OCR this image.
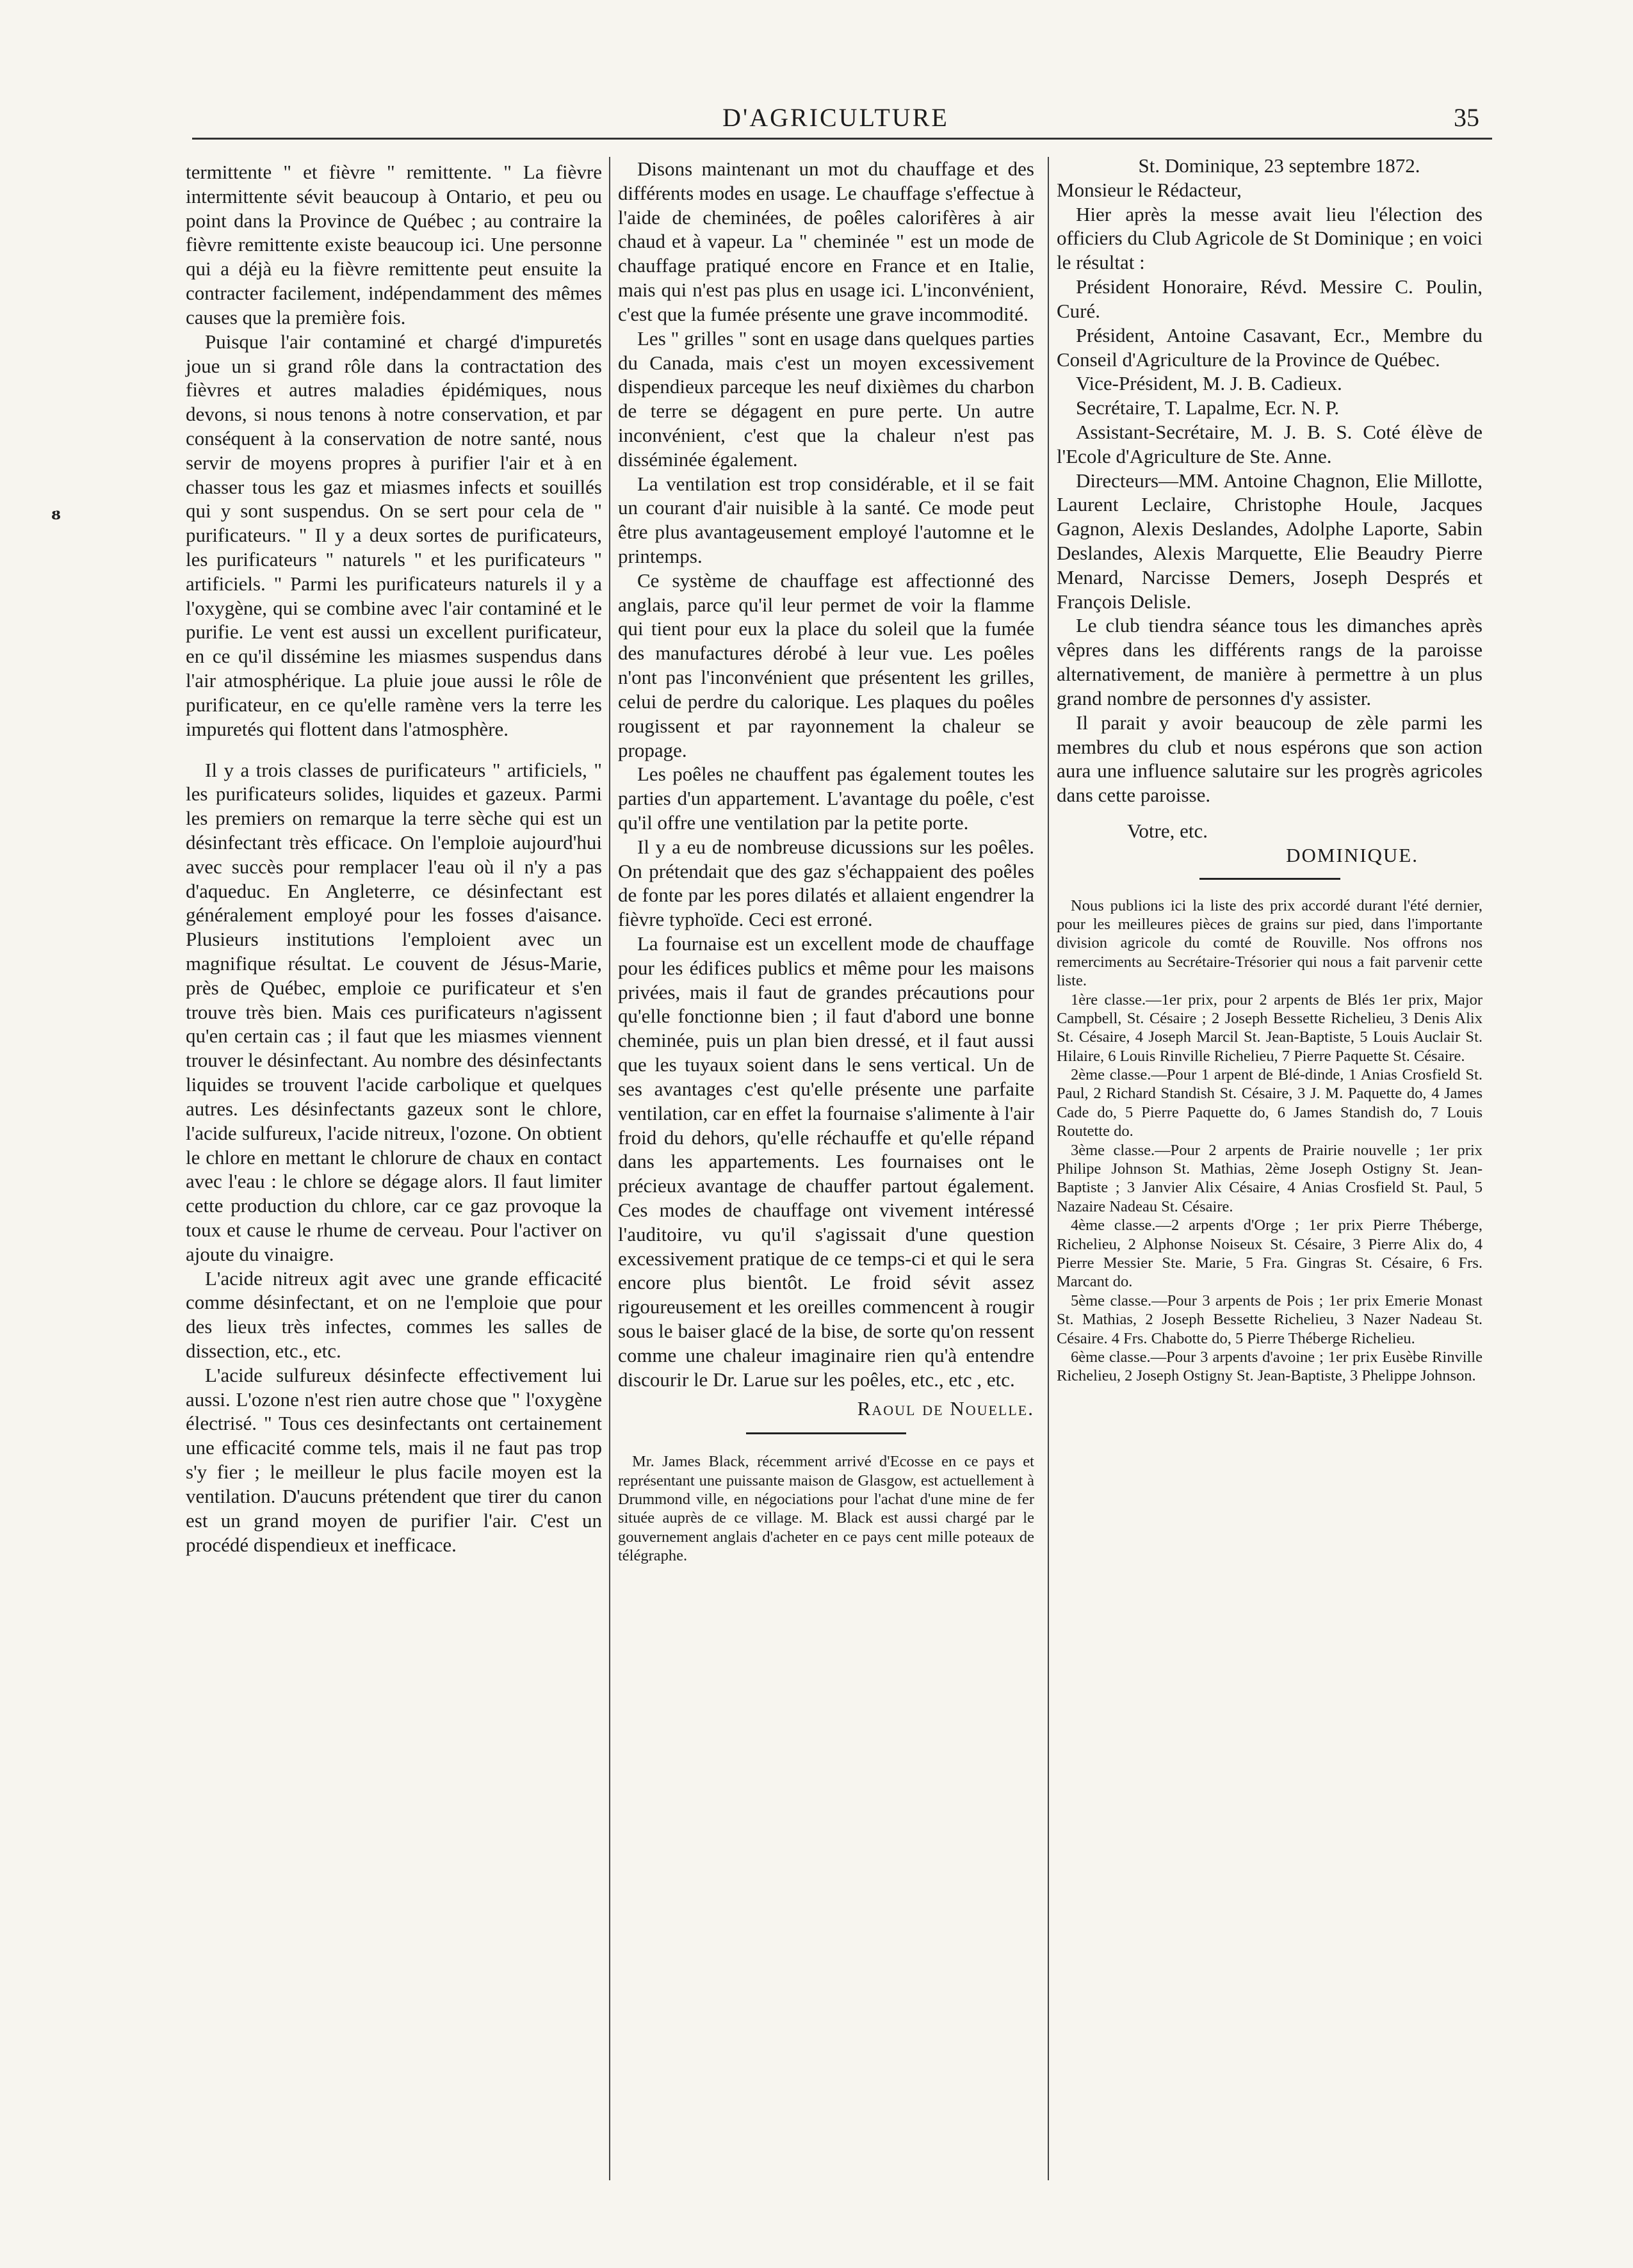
D'AGRICULTURE	35
ᴕ

termittente " et fièvre " remittente. " La fièvre intermittente sévit beaucoup à Ontario, et peu ou point dans la Province de Québec ; au contraire la fièvre remittente existe beaucoup ici. Une personne qui a déjà eu la fièvre remittente peut ensuite la contracter facilement, indépendamment des mêmes causes que la première fois.

Puisque l'air contaminé et chargé d'impuretés joue un si grand rôle dans la contractation des fièvres et autres maladies épidémiques, nous devons, si nous tenons à notre conservation, et par conséquent à la conservation de notre santé, nous servir de moyens propres à purifier l'air et à en chasser tous les gaz et miasmes infects et souillés qui y sont suspendus. On se sert pour cela de " purificateurs. " Il y a deux sortes de purificateurs, les purificateurs " naturels " et les purificateurs " artificiels. " Parmi les purificateurs naturels il y a l'oxygène, qui se combine avec l'air contaminé et le purifie. Le vent est aussi un excellent purificateur, en ce qu'il dissémine les miasmes suspendus dans l'air atmosphérique. La pluie joue aussi le rôle de purificateur, en ce qu'elle ramène vers la terre les impuretés qui flottent dans l'atmosphère.

Il y a trois classes de purificateurs " artificiels, " les purificateurs solides, liquides et gazeux. Parmi les premiers on remarque la terre sèche qui est un désinfectant très efficace. On l'emploie aujourd'hui avec succès pour remplacer l'eau où il n'y a pas d'aqueduc. En Angleterre, ce désinfectant est généralement employé pour les fosses d'aisance. Plusieurs institutions l'emploient avec un magnifique résultat. Le couvent de Jésus-Marie, près de Québec, emploie ce purificateur et s'en trouve très bien. Mais ces purificateurs n'agissent qu'en certain cas ; il faut que les miasmes viennent trouver le désinfectant. Au nombre des désinfectants liquides se trouvent l'acide carbolique et quelques autres. Les désinfectants gazeux sont le chlore, l'acide sulfureux, l'acide nitreux, l'ozone. On obtient le chlore en mettant le chlorure de chaux en contact avec l'eau : le chlore se dégage alors. Il faut limiter cette production du chlore, car ce gaz provoque la toux et cause le rhume de cerveau. Pour l'activer on ajoute du vinaigre.

L'acide nitreux agit avec une grande efficacité comme désinfectant, et on ne l'emploie que pour des lieux très infectes, commes les salles de dissection, etc., etc.

L'acide sulfureux désinfecte effectivement lui aussi. L'ozone n'est rien autre chose que " l'oxygène électrisé. " Tous ces desinfectants ont certainement une efficacité comme tels, mais il ne faut pas trop s'y fier ; le meilleur le plus facile moyen est la ventilation. D'aucuns prétendent que tirer du canon est un grand moyen de purifier l'air. C'est un procédé dispendieux et inefficace.

Disons maintenant un mot du chauffage et des différents modes en usage. Le chauffage s'effectue à l'aide de cheminées, de poêles calorifères à air chaud et à vapeur. La " cheminée " est un mode de chauffage pratiqué encore en France et en Italie, mais qui n'est pas plus en usage ici. L'inconvénient, c'est que la fumée présente une grave incommodité.

Les " grilles " sont en usage dans quelques parties du Canada, mais c'est un moyen excessivement dispendieux parceque les neuf dixièmes du charbon de terre se dégagent en pure perte. Un autre inconvénient, c'est que la chaleur n'est pas disséminée également.

La ventilation est trop considérable, et il se fait un courant d'air nuisible à la santé. Ce mode peut être plus avantageusement employé l'automne et le printemps.

Ce système de chauffage est affectionné des anglais, parce qu'il leur permet de voir la flamme qui tient pour eux la place du soleil que la fumée des manufactures dérobé à leur vue. Les poêles n'ont pas l'inconvénient que présentent les grilles, celui de perdre du calorique. Les plaques du poêles rougissent et par rayonnement la chaleur se propage.

Les poêles ne chauffent pas également toutes les parties d'un appartement. L'avantage du poêle, c'est qu'il offre une ventilation par la petite porte.

Il y a eu de nombreuse dicussions sur les poêles. On prétendait que des gaz s'échappaient des poêles de fonte par les pores dilatés et allaient engendrer la fièvre typhoïde. Ceci est erroné.

La fournaise est un excellent mode de chauffage pour les édifices publics et même pour les maisons privées, mais il faut de grandes précautions pour qu'elle fonctionne bien ; il faut d'abord une bonne cheminée, puis un plan bien dressé, et il faut aussi que les tuyaux soient dans le sens vertical. Un de ses avantages c'est qu'elle présente une parfaite ventilation, car en effet la fournaise s'alimente à l'air froid du dehors, qu'elle réchauffe et qu'elle répand dans les appartements. Les fournaises ont le précieux avantage de chauffer partout également. Ces modes de chauffage ont vivement intéressé l'auditoire, vu qu'il s'agissait d'une question excessivement pratique de ce temps-ci et qui le sera encore plus bientôt. Le froid sévit assez rigoureusement et les oreilles commencent à rougir sous le baiser glacé de la bise, de sorte qu'on ressent comme une chaleur imaginaire rien qu'à entendre discourir le Dr. Larue sur les poêles, etc., etc , etc.

Raoul de Nouelle.

Mr. James Black, récemment arrivé d'Ecosse en ce pays et représentant une puissante maison de Glasgow, est actuellement à Drummond ville, en négociations pour l'achat d'une mine de fer située auprès de ce village. M. Black est aussi chargé par le gouvernement anglais d'acheter en ce pays cent mille poteaux de télégraphe.

St. Dominique, 23 septembre 1872.

Monsieur le Rédacteur,

Hier après la messe avait lieu l'élection des officiers du Club Agricole de St Dominique ; en voici le résultat :

Président Honoraire, Révd. Messire C. Poulin, Curé.

Président, Antoine Casavant, Ecr., Membre du Conseil d'Agriculture de la Province de Québec.

Vice-Président, M. J. B. Cadieux.

Secrétaire, T. Lapalme, Ecr. N. P.

Assistant-Secrétaire, M. J. B. S. Coté élève de l'Ecole d'Agriculture de Ste. Anne.

Directeurs—MM. Antoine Chagnon, Elie Millotte, Laurent Leclaire, Christophe Houle, Jacques Gagnon, Alexis Deslandes, Adolphe Laporte, Sabin Deslandes, Alexis Marquette, Elie Beaudry Pierre Menard, Narcisse Demers, Joseph Després et François Delisle.

Le club tiendra séance tous les dimanches après vêpres dans les différents rangs de la paroisse alternativement, de manière à permettre à un plus grand nombre de personnes d'y assister.

Il parait y avoir beaucoup de zèle parmi les membres du club et nous espérons que son action aura une influence salutaire sur les progrès agricoles dans cette paroisse.

Votre, etc.

DOMINIQUE.

Nous publions ici la liste des prix accordé durant l'été dernier, pour les meilleures pièces de grains sur pied, dans l'importante division agricole du comté de Rouville. Nos offrons nos remerciments au Secrétaire-Trésorier qui nous a fait parvenir cette liste.

1ère classe.—1er prix, pour 2 arpents de Blés 1er prix, Major Campbell, St. Césaire ; 2 Joseph Bessette Richelieu, 3 Denis Alix St. Césaire, 4 Joseph Marcil St. Jean-Baptiste, 5 Louis Auclair St. Hilaire, 6 Louis Rinville Richelieu, 7 Pierre Paquette St. Césaire.

2ème classe.—Pour 1 arpent de Blé-dinde, 1 Anias Crosfield St. Paul, 2 Richard Standish St. Césaire, 3 J. M. Paquette do, 4 James Cade do, 5 Pierre Paquette do, 6 James Standish do, 7 Louis Routette do.

3ème classe.—Pour 2 arpents de Prairie nouvelle ; 1er prix Philipe Johnson St. Mathias, 2ème Joseph Ostigny St. Jean-Baptiste ; 3 Janvier Alix Césaire, 4 Anias Crosfield St. Paul, 5 Nazaire Nadeau St. Césaire.

4ème classe.—2 arpents d'Orge ; 1er prix Pierre Théberge, Richelieu, 2 Alphonse Noiseux St. Césaire, 3 Pierre Alix do, 4 Pierre Messier Ste. Marie, 5 Fra. Gingras St. Césaire, 6 Frs. Marcant do.

5ème classe.—Pour 3 arpents de Pois ; 1er prix Emerie Monast St. Mathias, 2 Joseph Bessette Richelieu, 3 Nazer Nadeau St. Césaire. 4 Frs. Chabotte do, 5 Pierre Théberge Richelieu.

6ème classe.—Pour 3 arpents d'avoine ; 1er prix Eusèbe Rinville Richelieu, 2 Joseph Ostigny St. Jean-Baptiste, 3 Phelippe Johnson.
